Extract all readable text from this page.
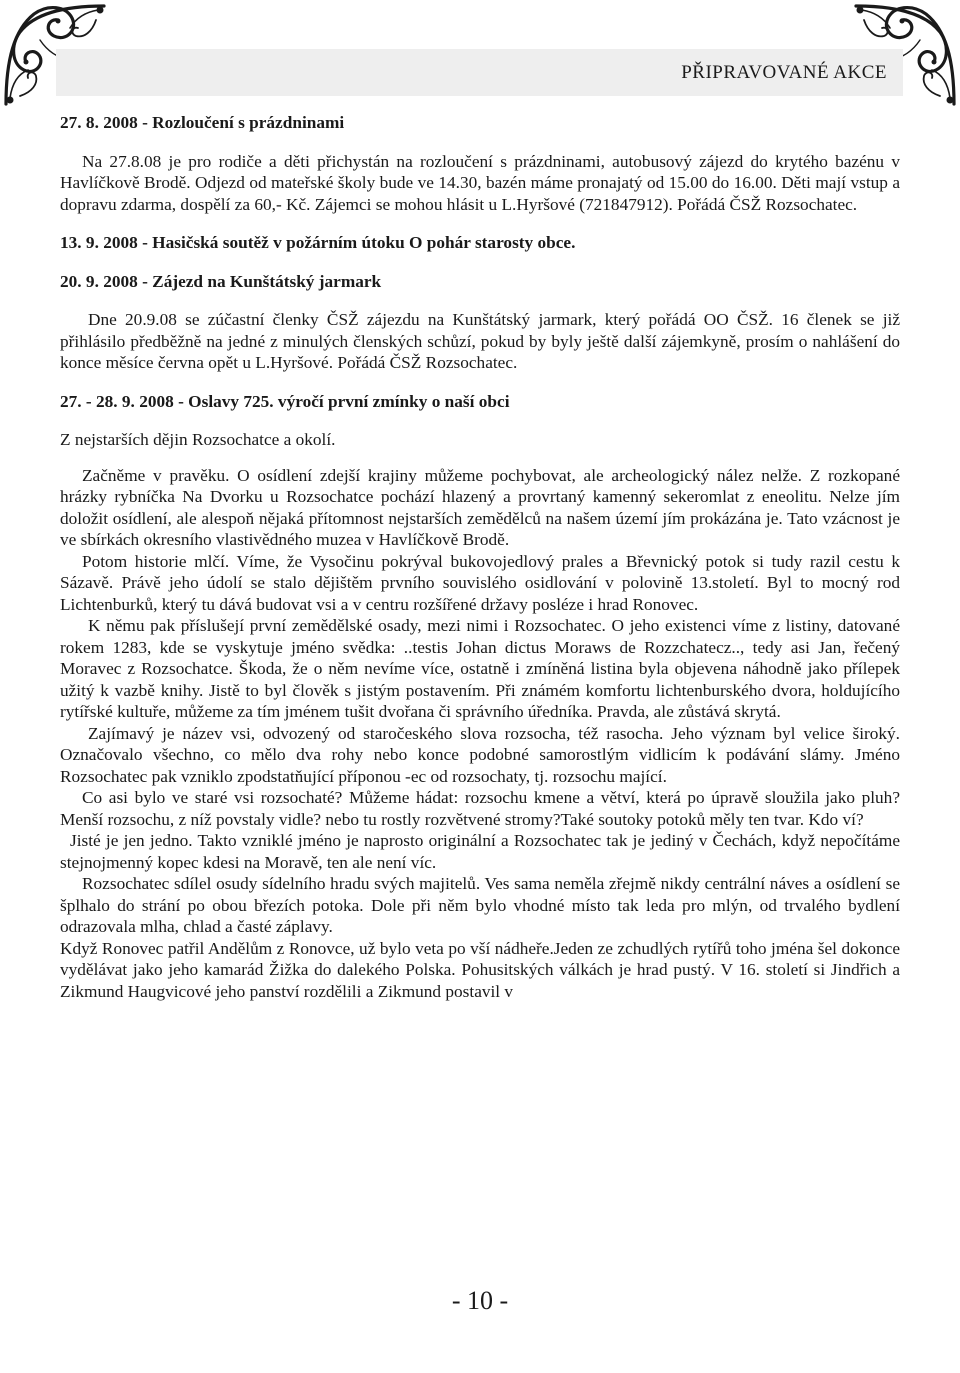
PŘIPRAVOVANÉ AKCE

27. 8. 2008 - Rozloučení s prázdninami

Na 27.8.08 je pro rodiče a děti přichystán na rozloučení s prázdninami, autobusový zájezd do krytého bazénu v Havlíčkově Brodě. Odjezd od mateřské školy bude ve 14.30, bazén máme pronajatý od 15.00 do 16.00. Děti mají vstup a dopravu zdarma, dospělí za 60,- Kč. Zájemci se mohou hlásit u L.Hyršové (721847912). Pořádá ČSŽ Rozsochatec.

13. 9. 2008 - Hasičská soutěž v požárním útoku O pohár starosty obce.

20. 9. 2008 - Zájezd na Kunštátský jarmark

Dne 20.9.08 se zúčastní členky ČSŽ zájezdu na Kunštátský jarmark, který pořádá OO ČSŽ. 16 členek se již přihlásilo předběžně na jedné z minulých členských schůzí, pokud by byly ještě další zájemkyně, prosím o nahlášení do konce měsíce června opět u L.Hyršové. Pořádá ČSŽ Rozsochatec.

27. - 28. 9. 2008 - Oslavy 725. výročí první zmínky o naší obci

Z nejstarších dějin Rozsochatce a okolí.

Začněme v pravěku. O osídlení zdejší krajiny můžeme pochybovat, ale archeologický nález nelže. Z rozkopané hrázky rybníčka Na Dvorku u Rozsochatce pochází hlazený a provrtaný kamenný sekeromlat z eneolitu. Nelze jím doložit osídlení, ale alespoň nějaká přítomnost nejstarších zemědělců na našem území jím prokázána je. Tato vzácnost je ve sbírkách okresního vlastivědného muzea v Havlíčkově Brodě.

Potom historie mlčí. Víme, že Vysočinu pokrýval bukovojedlový prales a Břevnický potok si tudy razil cestu k Sázavě. Právě jeho údolí se stalo dějištěm prvního souvislého osidlování v polovině 13.století. Byl to mocný rod Lichtenburků, který tu dává budovat vsi a v centru rozšířené državy posléze i hrad Ronovec.

K němu pak příslušejí první zemědělské osady, mezi nimi i Rozsochatec. O jeho existenci víme z listiny, datované rokem 1283, kde se vyskytuje jméno svědka: ..testis Johan dictus Moraws de Rozzchatecz.., tedy asi Jan, řečený Moravec z Rozsochatce. Škoda, že o něm nevíme více, ostatně i zmíněná listina byla objevena náhodně jako přílepek užitý k vazbě knihy. Jistě to byl člověk s jistým postavením. Při známém komfortu lichtenburského dvora, holdujícího rytířské kultuře, můžeme za tím jménem tušit dvořana či správního úředníka. Pravda, ale zůstává skrytá.

Zajímavý je název vsi, odvozený od staročeského slova rozsocha, též rasocha. Jeho význam byl velice široký. Označovalo všechno, co mělo dva rohy nebo konce podobné samorostlým vidlicím k podávání slámy. Jméno Rozsochatec pak vzniklo zpodstatňující příponou -ec od rozsochaty, tj. rozsochu mající.

Co asi bylo ve staré vsi rozsochaté? Můžeme hádat: rozsochu kmene a větví, která po úpravě sloužila jako pluh? Menší rozsochu, z níž povstaly vidle? nebo tu rostly rozvětvené stromy?Také soutoky potoků měly ten tvar. Kdo ví?

Jisté je jen jedno. Takto vzniklé jméno je naprosto originální a Rozsochatec tak je jediný v Čechách, když nepočítáme stejnojmenný kopec kdesi na Moravě, ten ale není víc.

Rozsochatec sdílel osudy sídelního hradu svých majitelů. Ves sama neměla zřejmě nikdy centrální náves a osídlení se šplhalo do strání po obou březích potoka. Dole při něm bylo vhodné místo tak leda pro mlýn, od trvalého bydlení odrazovala mlha, chlad a časté záplavy.

Když Ronovec patřil Andělům z Ronovce, už bylo veta po vší nádheře.Jeden ze zchudlých rytířů toho jména šel dokonce vydělávat jako jeho kamarád Žižka do dalekého Polska. Pohusitských válkách je hrad pustý. V 16. století si Jindřich a Zikmund Haugvicové jeho panství rozdělili a Zikmund postavil v

- 10 -
